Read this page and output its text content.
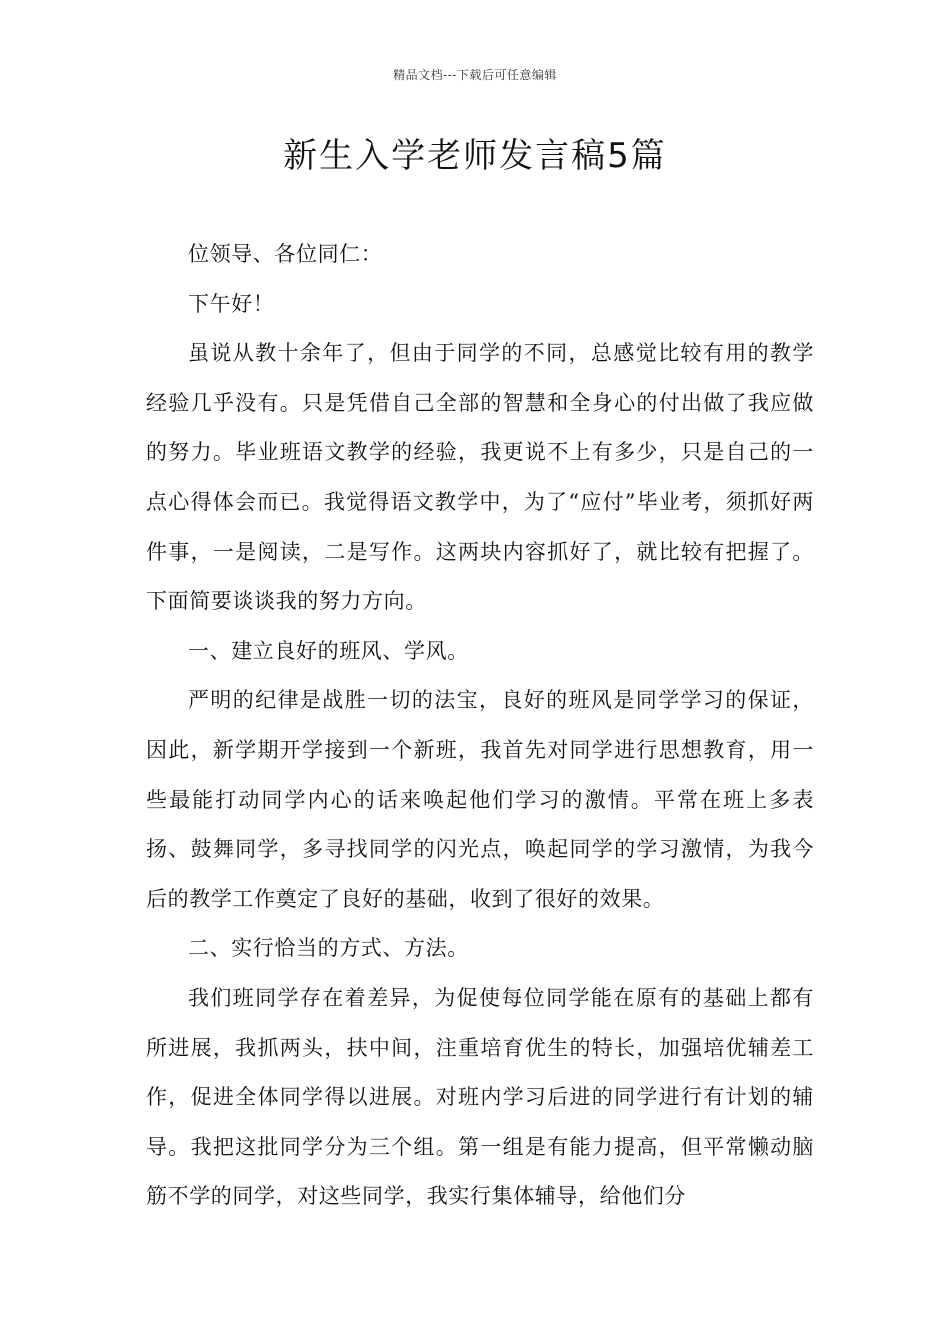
精品文档---下载后可任意编辑
新生入学老师发言稿5篇

位领导、各位同仁：

下午好！

虽说从教十余年了，但由于同学的不同，总感觉比较有用的教学经验几乎没有。只是凭借自己全部的智慧和全身心的付出做了我应做的努力。毕业班语文教学的经验，我更说不上有多少，只是自己的一点心得体会而已。我觉得语文教学中，为了“应付”毕业考，须抓好两件事，一是阅读，二是写作。这两块内容抓好了，就比较有把握了。下面简要谈谈我的努力方向。

一、建立良好的班风、学风。

严明的纪律是战胜一切的法宝，良好的班风是同学学习的保证，因此，新学期开学接到一个新班，我首先对同学进行思想教育，用一些最能打动同学内心的话来唤起他们学习的激情。平常在班上多表扬、鼓舞同学，多寻找同学的闪光点，唤起同学的学习激情，为我今后的教学工作奠定了良好的基础，收到了很好的效果。

二、实行恰当的方式、方法。

我们班同学存在着差异，为促使每位同学能在原有的基础上都有所进展，我抓两头，扶中间，注重培育优生的特长，加强培优辅差工作，促进全体同学得以进展。对班内学习后进的同学进行有计划的辅导。我把这批同学分为三个组。第一组是有能力提高，但平常懒动脑筋不学的同学，对这些同学，我实行集体辅导，给他们分
